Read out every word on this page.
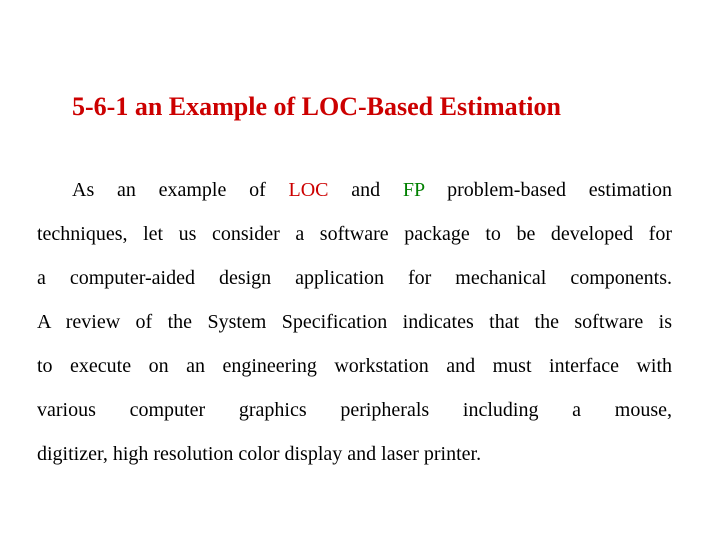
5-6-1 an Example of LOC-Based Estimation
As an example of LOC and FP problem-based estimation
techniques, let us consider a software package to be developed for
a computer-aided design application for mechanical components.
A review of the System Specification indicates that the software is
to execute on an engineering workstation and must interface with
various computer graphics peripherals including a mouse,
digitizer, high resolution color display and laser printer.
